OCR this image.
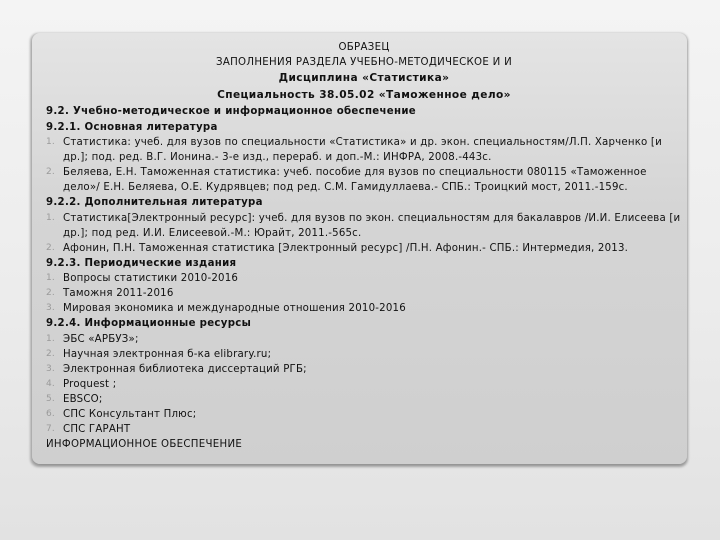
ОБРАЗЕЦ
ЗАПОЛНЕНИЯ РАЗДЕЛА УЧЕБНО-МЕТОДИЧЕСКОЕ И И
Дисциплина «Статистика»
Специальность 38.05.02 «Таможенное дело»
9.2. Учебно-методическое и информационное обеспечение
9.2.1. Основная литература
1. Статистика: учеб. для вузов по специальности «Статистика» и др. экон. специальностям/Л.П. Харченко [и др.]; под. ред. В.Г. Ионина.- 3-е изд., перераб. и доп.-М.: ИНФРА, 2008.-443с.
2. Беляева, Е.Н. Таможенная статистика: учеб. пособие для вузов по специальности 080115 «Таможенное дело»/ Е.Н. Беляева, О.Е. Кудрявцев; под ред. С.М. Гамидуллаева.- СПБ.: Троицкий мост, 2011.-159с.
9.2.2. Дополнительная литература
1. Статистика[Электронный ресурс]: учеб. для вузов по экон. специальностям для бакалавров /И.И. Елисеева [и др.]; под ред. И.И. Елисеевой.-М.: Юрайт, 2011.-565с.
2. Афонин, П.Н. Таможенная статистика [Электронный ресурс] /П.Н. Афонин.- СПБ.: Интермедия, 2013.
9.2.3. Периодические издания
1. Вопросы статистики 2010-2016
2. Таможня 2011-2016
3. Мировая экономика и международные отношения 2010-2016
9.2.4. Информационные ресурсы
1. ЭБС «АРБУЗ»;
2. Научная электронная б-ка elibrary.ru;
3. Электронная библиотека диссертаций РГБ;
4. Proquest ;
5. EBSCO;
6. СПС Консультант Плюс;
7. СПС ГАРАНТ
ИНФОРМАЦИОННОЕ ОБЕСПЕЧЕНИЕ
